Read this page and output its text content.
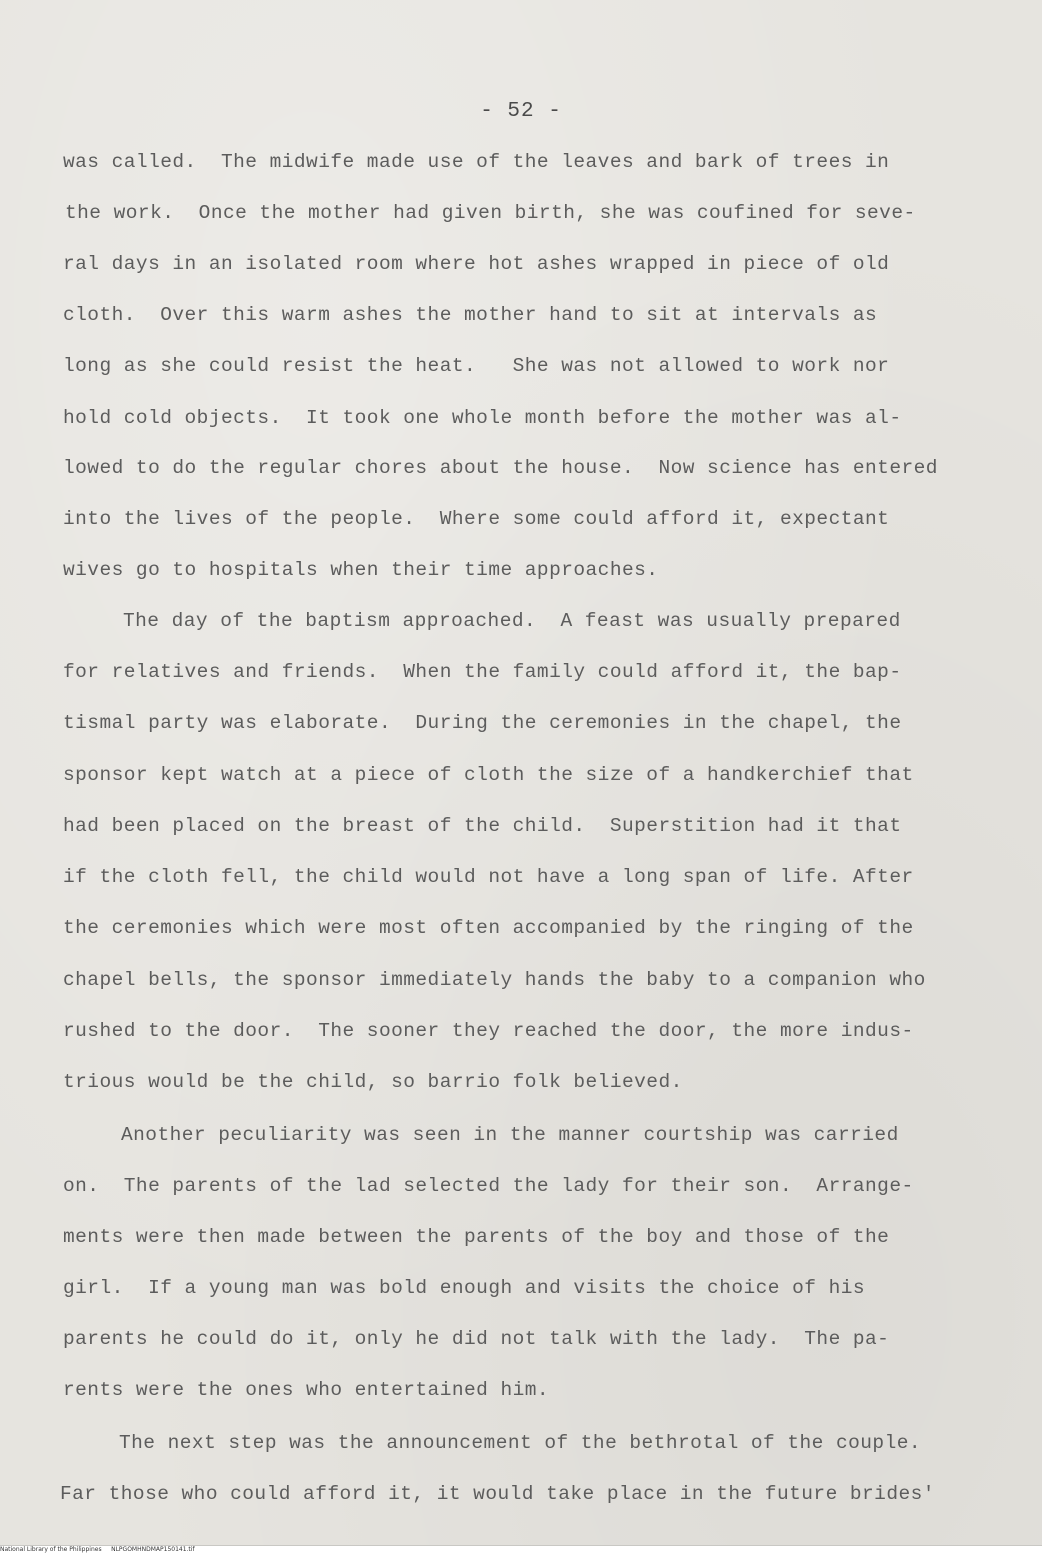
- 52 -
was called.  The midwife made use of the leaves and bark of trees in
the work.  Once the mother had given birth, she was coufined for seve-
ral days in an isolated room where hot ashes wrapped in piece of old
cloth.  Over this warm ashes the mother hand to sit at intervals as
long as she could resist the heat.   She was not allowed to work nor
hold cold objects.  It took one whole month before the mother was al-
lowed to do the regular chores about the house.  Now science has entered
into the lives of the people.  Where some could afford it, expectant
wives go to hospitals when their time approaches.
The day of the baptism approached.  A feast was usually prepared
for relatives and friends.  When the family could afford it, the bap-
tismal party was elaborate.  During the ceremonies in the chapel, the
sponsor kept watch at a piece of cloth the size of a handkerchief that
had been placed on the breast of the child.  Superstition had it that
if the cloth fell, the child would not have a long span of life. After
the ceremonies which were most often accompanied by the ringing of the
chapel bells, the sponsor immediately hands the baby to a companion who
rushed to the door.  The sooner they reached the door, the more indus-
trious would be the child, so barrio folk believed.
Another peculiarity was seen in the manner courtship was carried
on.  The parents of the lad selected the lady for their son.  Arrange-
ments were then made between the parents of the boy and those of the
girl.  If a young man was bold enough and visits the choice of his
parents he could do it, only he did not talk with the lady.  The pa-
rents were the ones who entertained him.
The next step was the announcement of the bethrotal of the couple.
Far those who could afford it, it would take place in the future brides'
National Library of the Philippines     NLPGOMHNDMAP150141.tif
